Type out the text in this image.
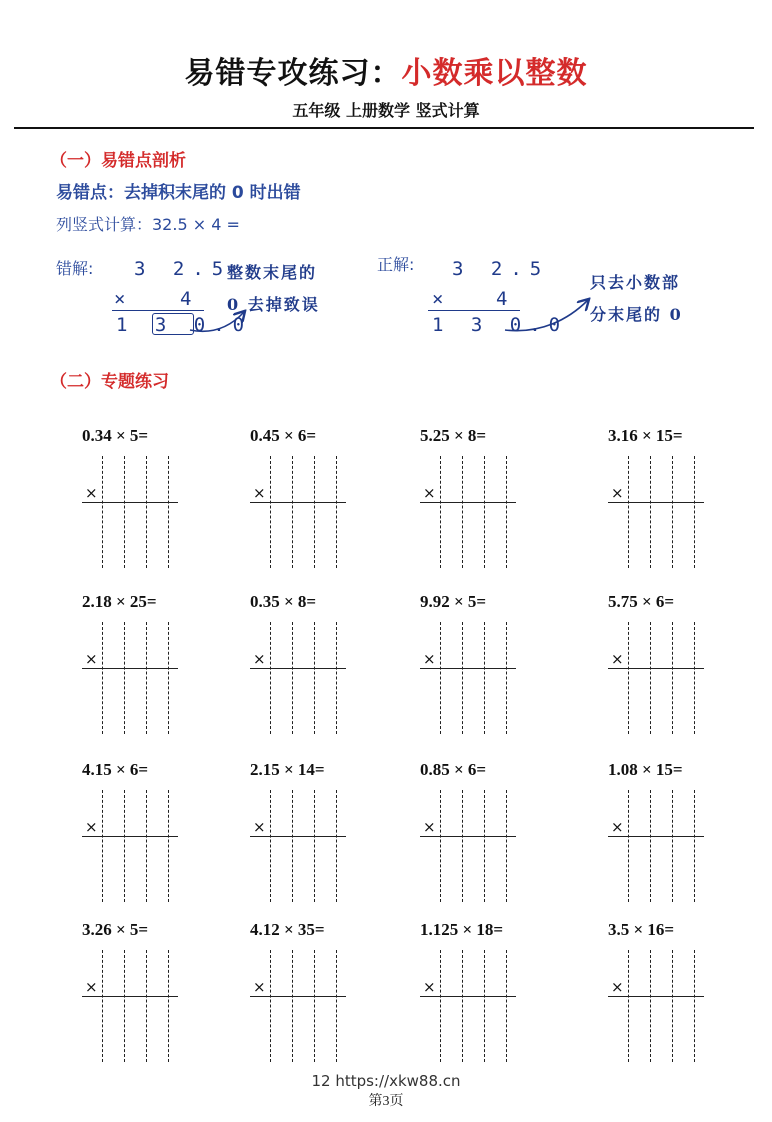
易错专攻练习：小数乘以整数
五年级 上册数学 竖式计算
（一）易错点剖析
易错点：去掉积末尾的 0 时出错
列竖式计算：32.5 × 4 =
错解: 3 2.5
× 4
1 3 0.0
整数末尾的
0 去掉致误
正解: 3 2.5
× 4
1 3 0.0
只去小数部
分末尾的 0
（二）专题练习
0.34 × 5=
×
0.45 × 6=
×
5.25 × 8=
×
3.16 × 15=
×
2.18 × 25=
×
0.35 × 8=
×
9.92 × 5=
×
5.75 × 6=
×
4.15 × 6=
×
2.15 × 14=
×
0.85 × 6=
×
1.08 × 15=
×
3.26 × 5=
×
4.12 × 35=
×
1.125 × 18=
×
3.5 × 16=
×
12 https://xkw88.cn
第3页
